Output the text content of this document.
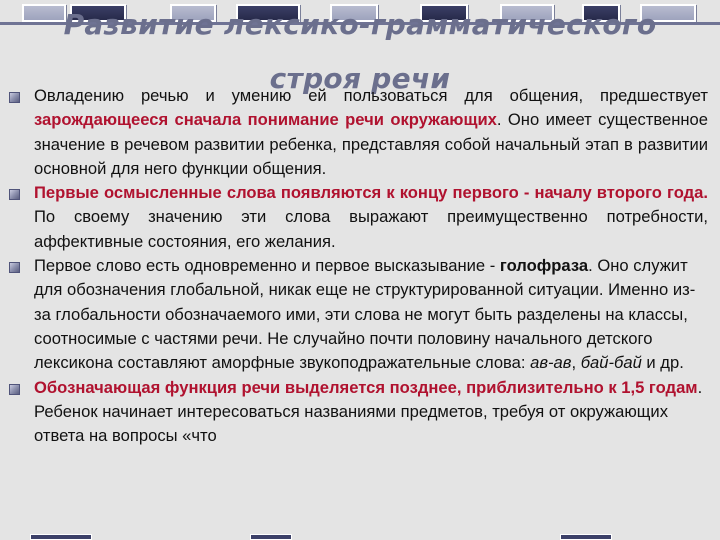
Развитие лексико-грамматического
строя речи

Овладению речью и умению ей пользоваться для общения, предшествует зарождающееся сначала понимание речи окружающих. Оно имеет существенное значение в речевом развитии ребенка, представляя собой начальный этап в развитии основной для него функции общения.

Первые осмысленные слова появляются к концу первого - началу второго года. По своему значению эти слова выражают преимущественно потребности, аффективные состояния, его желания.

Первое слово есть одновременно и первое высказывание - голофраза. Оно служит для обозначения глобальной, никак еще не структурированной ситуации. Именно из-за глобальности обозначаемого ими, эти слова не могут быть разделены на классы, соотносимые с частями речи. Не случайно почти половину начального детского лексикона составляют аморфные звукоподражательные слова: ав-ав, бай-бай и др.

Обозначающая функция речи выделяется позднее, приблизительно к 1,5 годам. Ребенок начинает интересоваться названиями предметов, требуя от окружающих ответа на вопросы «что
